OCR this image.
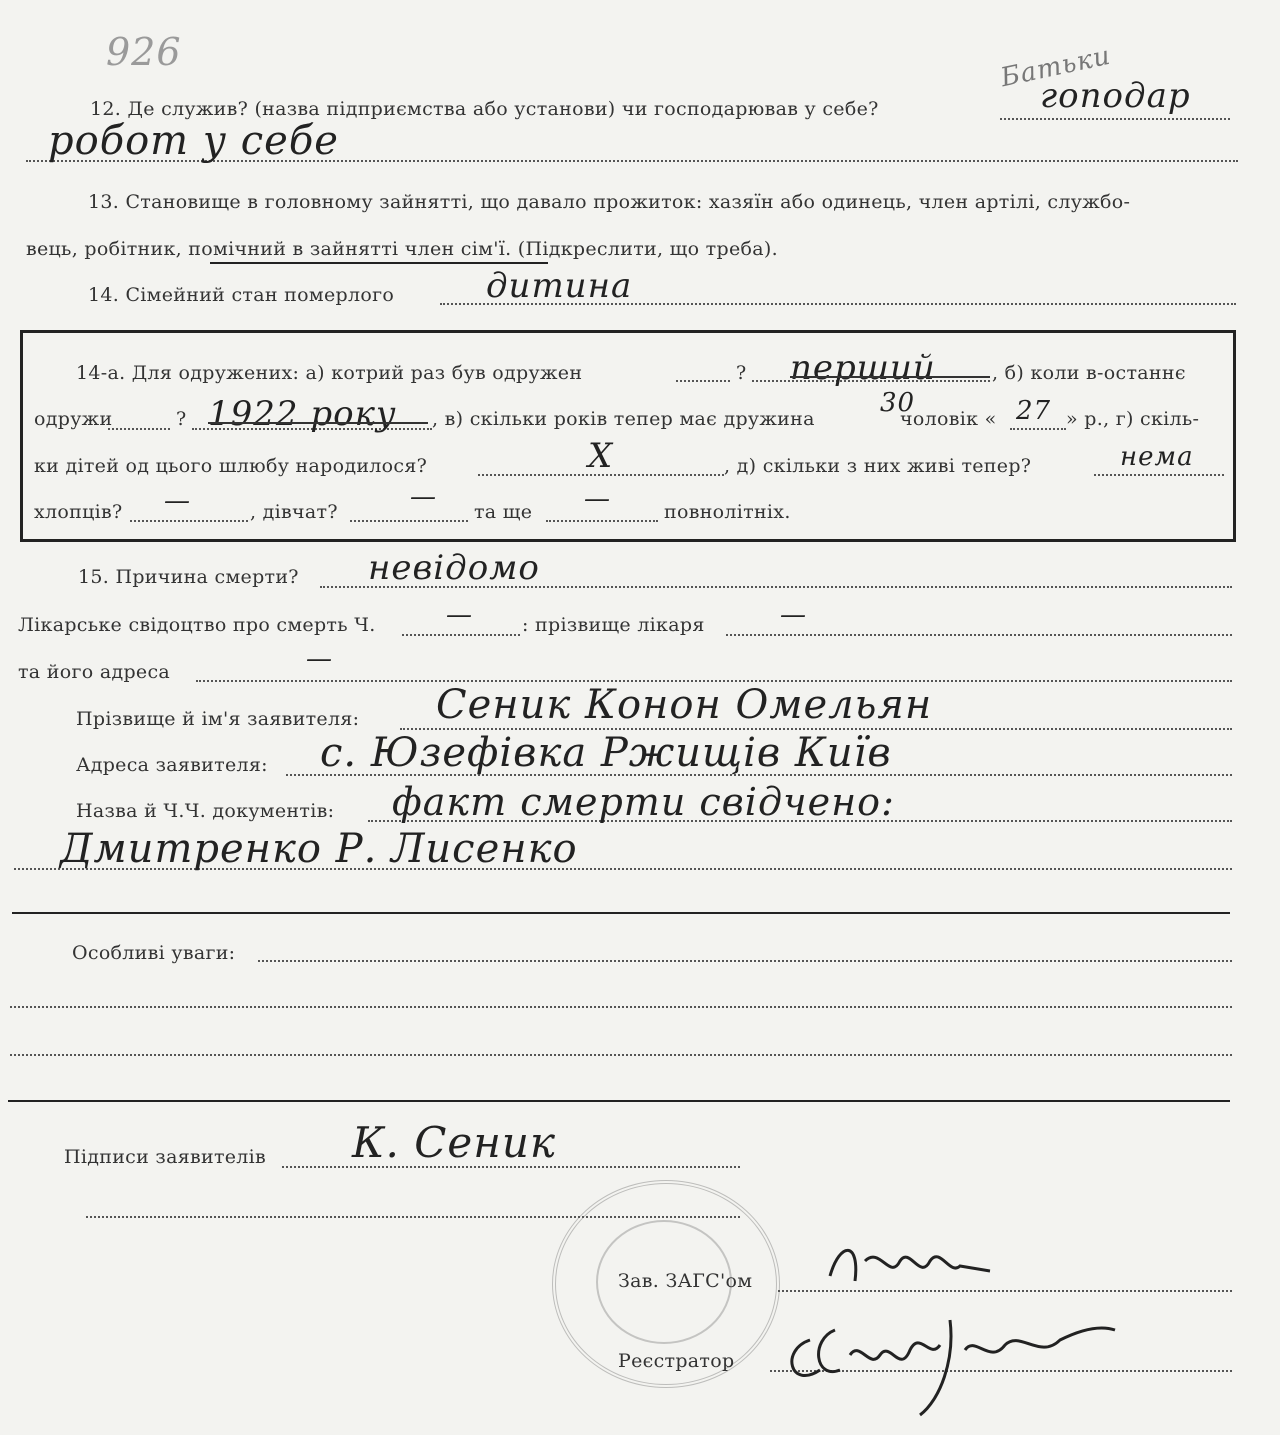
926	Батьки
12. Де служив? (назва підприємства або установи) чи господарював у себе?	гоподар
робот у себе
13. Становище в головному зайнятті, що давало прожиток: хазяїн або одинець, член артілі, службо-
вець, робітник, помічний в зайнятті член сім'ї. (Підкреслити, що треба).
14. Сімейний стан померлого	дитина
14-а. Для одружених: а) котрий раз був одружен	? перший	, б) коли в-останнє
одружи	? 1922 року , в) скільки років тепер має дружина
30
чоловік « 27 » р., г) скіль-
ки дітей од цього шлюбу народилося?	Х	, д) скільки з них живі тепер?	нема
хлопців? —	, дівчат?	— та ще —	повнолітніх.
15. Причина смерти? невідомо
Лікарське свідоцтво про смерть Ч.	—	: прізвище лікаря	—
та його адреса	—
Прізвище й ім'я заявителя: Сеник Конон Омельян
Адреса заявителя: с. Юзефівка Ржищів Київ
Назва й Ч.Ч. документів: факт смерти свідчено:
Дмитренко Р. Лисенко
Особливі уваги:
Підписи заявителів К. Сеник
Зав. ЗАГС'ом
Реєстратор
